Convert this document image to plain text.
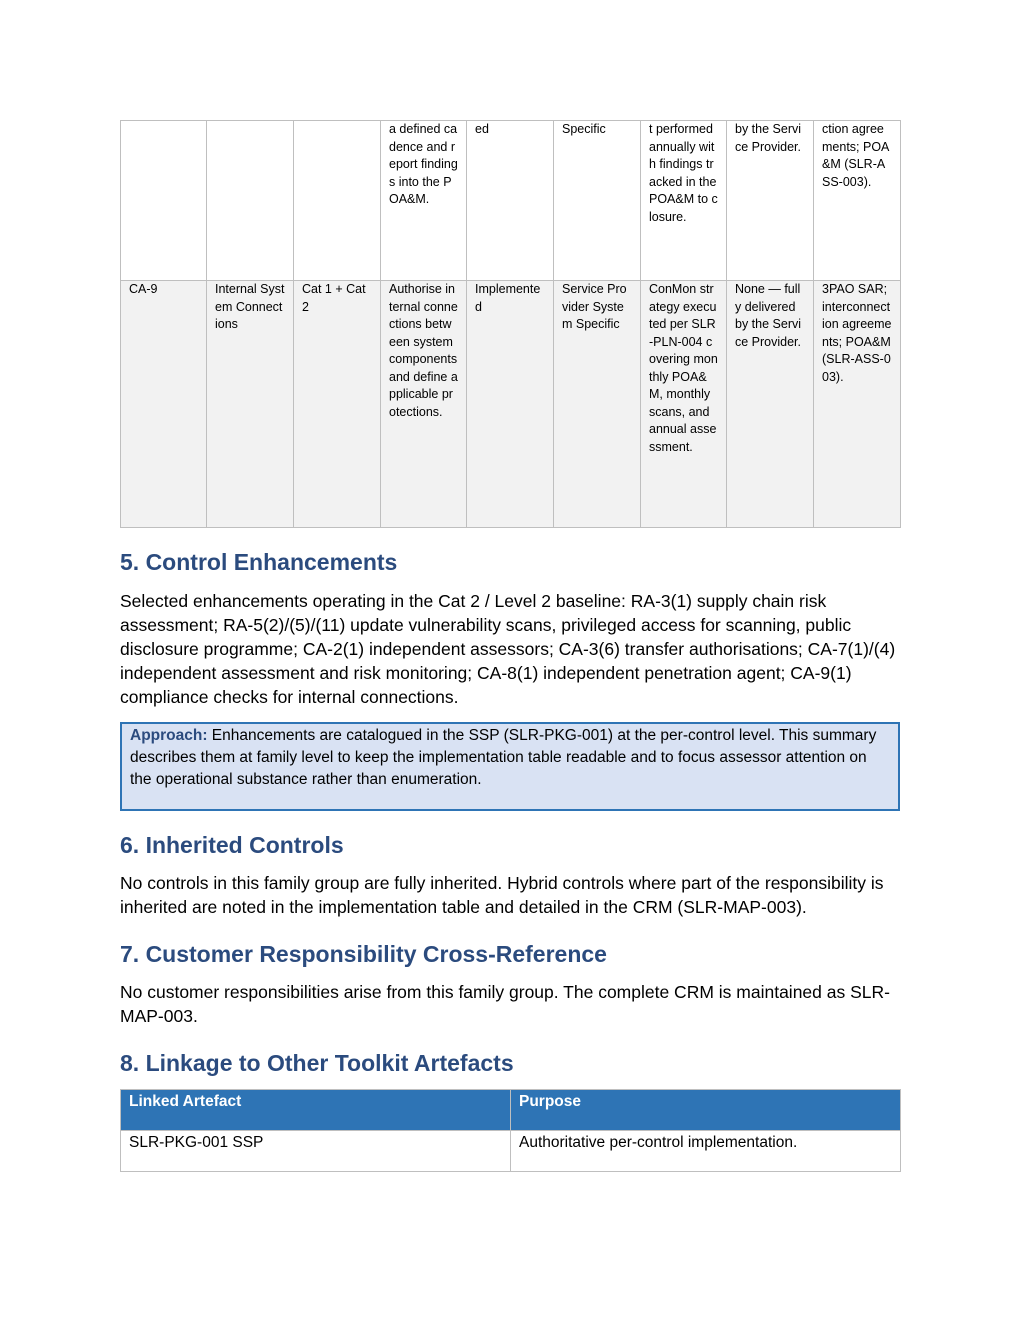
			a defined cadence and report findings into the POA&M.	ed	Specific	t performed annually with findings tracked in the POA&M to closure.	by the Service Provider.	ction agreements; POA&M (SLR-ASS-003).
CA-9	Internal System Connections	Cat 1 + Cat 2	Authorise internal connections between system components and define applicable protections.	Implemented	Service Provider System Specific	ConMon strategy executed per SLR-PLN-004 covering monthly POA&M, monthly scans, and annual assessment.	None — fully delivered by the Service Provider.	3PAO SAR; interconnection agreements; POA&M (SLR-ASS-003).
5. Control Enhancements

Selected enhancements operating in the Cat 2 / Level 2 baseline: RA-3(1) supply chain risk assessment; RA-5(2)/(5)/(11) update vulnerability scans, privileged access for scanning, public disclosure programme; CA-2(1) independent assessors; CA-3(6) transfer authorisations; CA-7(1)/(4) independent assessment and risk monitoring; CA-8(1) independent penetration agent; CA-9(1) compliance checks for internal connections.

Approach: Enhancements are catalogued in the SSP (SLR-PKG-001) at the per-control level. This summary describes them at family level to keep the implementation table readable and to focus assessor attention on the operational substance rather than enumeration.
6. Inherited Controls

No controls in this family group are fully inherited. Hybrid controls where part of the responsibility is inherited are noted in the implementation table and detailed in the CRM (SLR-MAP-003).

7. Customer Responsibility Cross-Reference

No customer responsibilities arise from this family group. The complete CRM is maintained as SLR-MAP-003.

8. Linkage to Other Toolkit Artefacts
Linked Artefact	Purpose
SLR-PKG-001 SSP	Authoritative per-control implementation.
